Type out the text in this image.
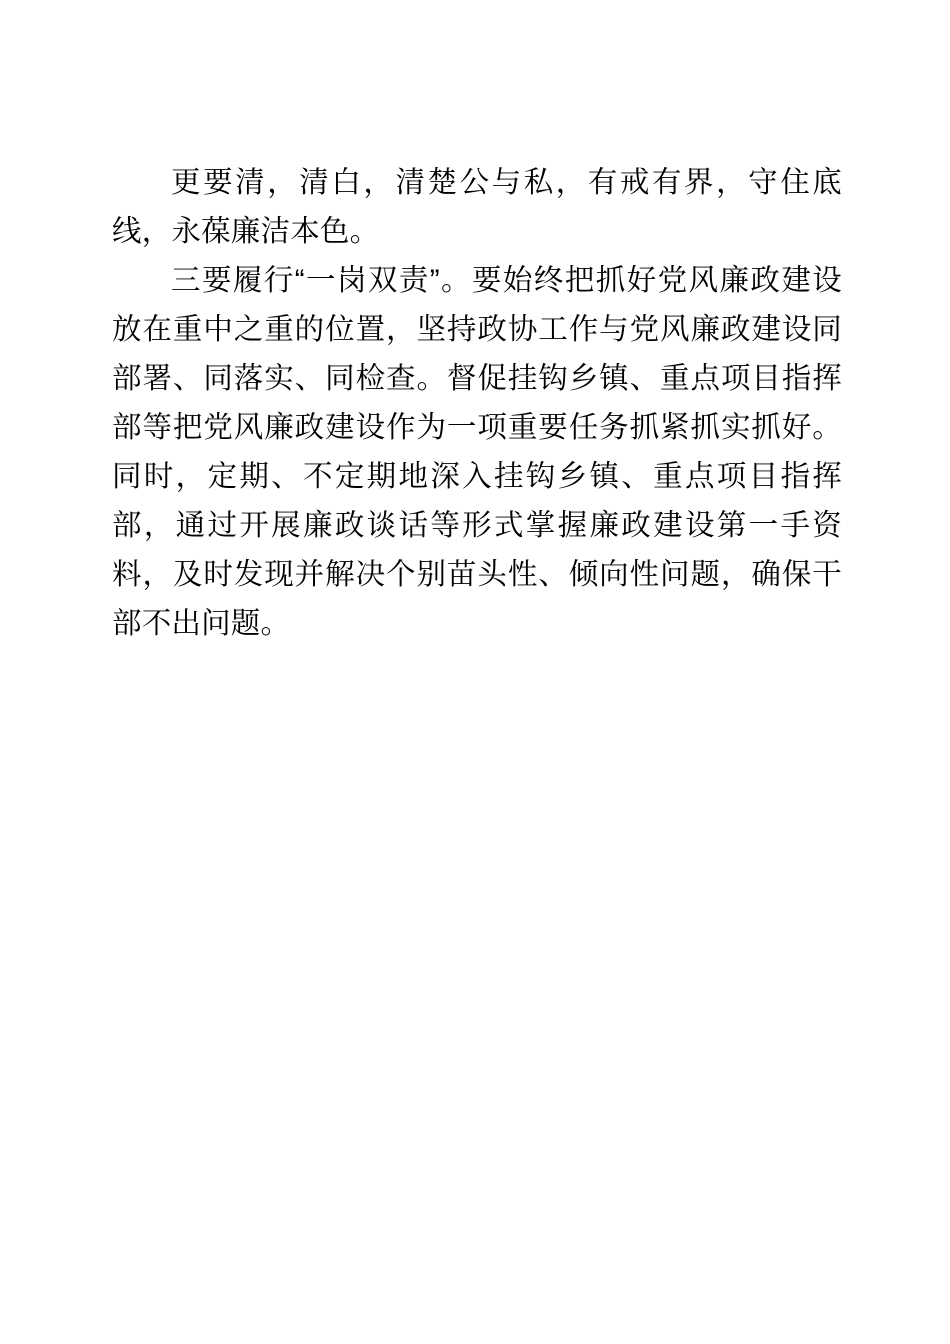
更要清，清白，清楚公与私，有戒有界，守住底线，永葆廉洁本色。

三要履行“一岗双责”。要始终把抓好党风廉政建设放在重中之重的位置，坚持政协工作与党风廉政建设同部署、同落实、同检查。督促挂钩乡镇、重点项目指挥部等把党风廉政建设作为一项重要任务抓紧抓实抓好。同时，定期、不定期地深入挂钩乡镇、重点项目指挥部，通过开展廉政谈话等形式掌握廉政建设第一手资料，及时发现并解决个别苗头性、倾向性问题，确保干部不出问题。
